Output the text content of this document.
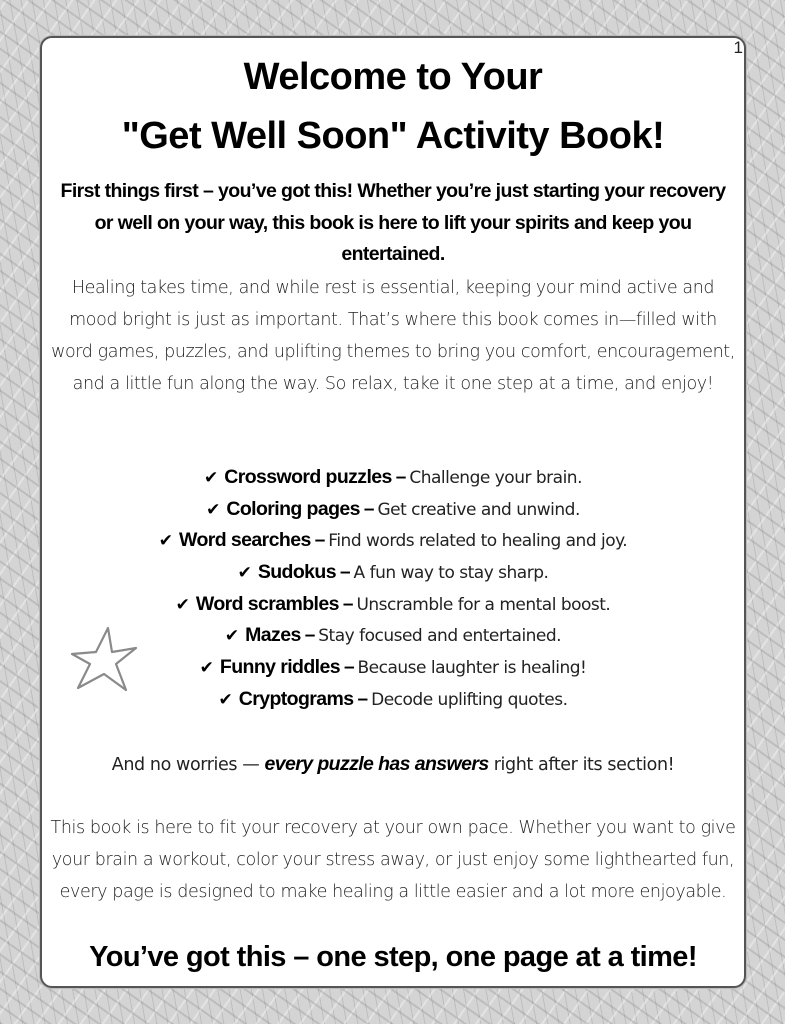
1
Welcome to Your
"Get Well Soon" Activity Book!
First things first – you’ve got this! Whether you’re just starting your recovery or well on your way, this book is here to lift your spirits and keep you entertained.
Healing takes time, and while rest is essential, keeping your mind active and mood bright is just as important. That’s where this book comes in—filled with word games, puzzles, and uplifting themes to bring you comfort, encouragement, and a little fun along the way. So relax, take it one step at a time, and enjoy!
✔ Crossword puzzles – Challenge your brain.
✔ Coloring pages – Get creative and unwind.
✔ Word searches – Find words related to healing and joy.
✔ Sudokus – A fun way to stay sharp.
✔ Word scrambles – Unscramble for a mental boost.
✔ Mazes – Stay focused and entertained.
✔ Funny riddles – Because laughter is healing!
✔ Cryptograms – Decode uplifting quotes.
And no worries — every puzzle has answers right after its section!
This book is here to fit your recovery at your own pace. Whether you want to give your brain a workout, color your stress away, or just enjoy some lighthearted fun, every page is designed to make healing a little easier and a lot more enjoyable.
You’ve got this – one step, one page at a time!
